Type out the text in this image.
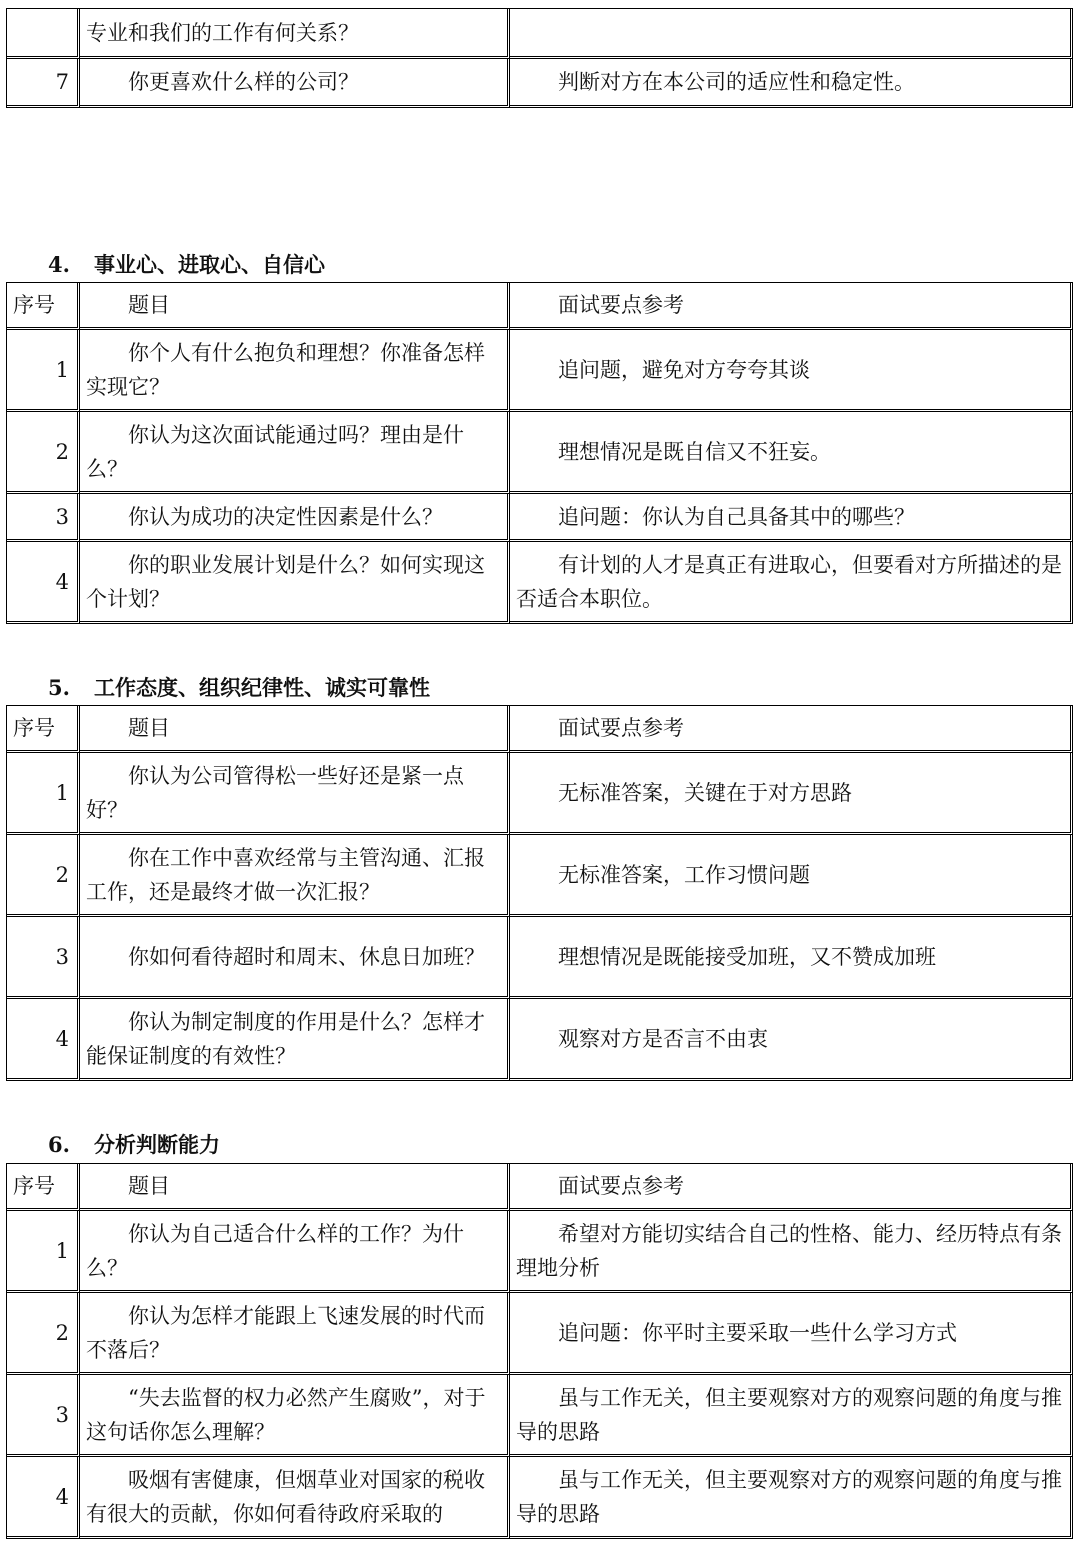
	专业和我们的工作有何关系？	
7	你更喜欢什么样的公司？	判断对方在本公司的适应性和稳定性。
4. 事业心、进取心、自信心
序号	题目	面试要点参考
1	你个人有什么抱负和理想？你准备怎样实现它？	追问题，避免对方夸夸其谈
2	你认为这次面试能通过吗？理由是什么？	理想情况是既自信又不狂妄。
3	你认为成功的决定性因素是什么？	追问题：你认为自己具备其中的哪些？
4	你的职业发展计划是什么？如何实现这个计划？	有计划的人才是真正有进取心，但要看对方所描述的是否适合本职位。
5. 工作态度、组织纪律性、诚实可靠性
序号	题目	面试要点参考
1	你认为公司管得松一些好还是紧一点好？	无标准答案，关键在于对方思路
2	你在工作中喜欢经常与主管沟通、汇报工作，还是最终才做一次汇报？	无标准答案，工作习惯问题
3	你如何看待超时和周末、休息日加班？	理想情况是既能接受加班，又不赞成加班
4	你认为制定制度的作用是什么？怎样才能保证制度的有效性？	观察对方是否言不由衷
6. 分析判断能力
序号	题目	面试要点参考
1	你认为自己适合什么样的工作？为什么？	希望对方能切实结合自己的性格、能力、经历特点有条理地分析
2	你认为怎样才能跟上飞速发展的时代而不落后？	追问题：你平时主要采取一些什么学习方式
3	“失去监督的权力必然产生腐败”，对于这句话你怎么理解？	虽与工作无关，但主要观察对方的观察问题的角度与推导的思路
4	吸烟有害健康，但烟草业对国家的税收有很大的贡献，你如何看待政府采取的	虽与工作无关，但主要观察对方的观察问题的角度与推导的思路
